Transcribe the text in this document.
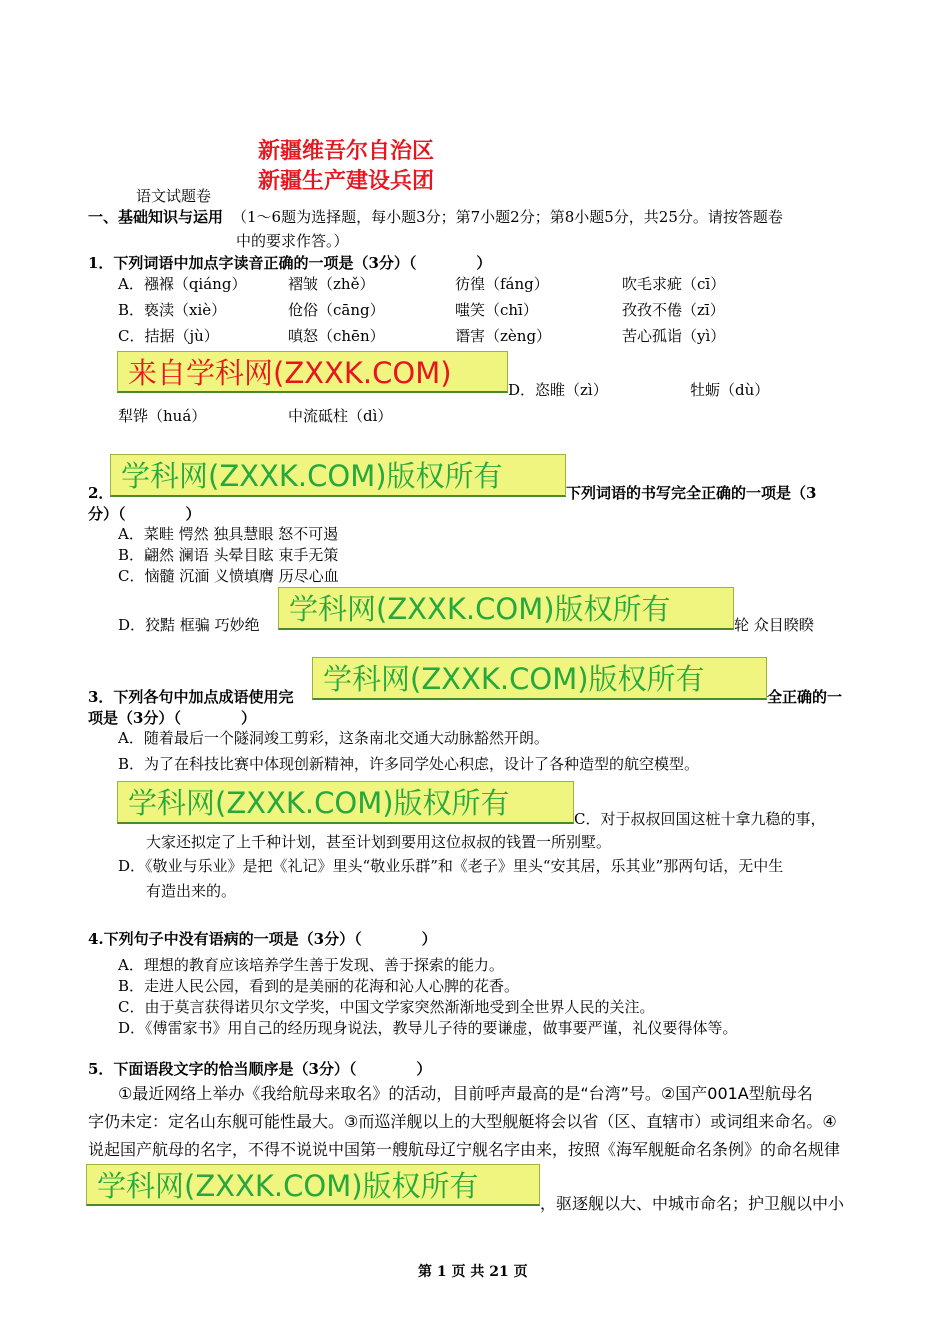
新疆维吾尔自治区
新疆生产建设兵团
语文试题卷
一、基础知识与运用 （1～6题为选择题，每小题3分；第7小题2分；第8小题5分，共25分。请按答题卷
中的要求作答。）
1．下列词语中加点字读音正确的一项是（3分）（　　　　）
A．襁褓（qiáng）	褶皱（zhě）	彷徨（fáng）	吹毛求疵（cī）
B．亵渎（xiè）	伧俗（cāng）	嗤笑（chī）	孜孜不倦（zī）
C．拮据（jù）	嗔怒（chēn）	谮害（zèng）	苦心孤诣（yì）
来自学科网(ZXXK.COM)	D．恣睢（zì）	牡蛎（dù）
犁铧（huá）	中流砥柱（dì）
学科网(ZXXK.COM)版权所有
2．	下列词语的书写完全正确的一项是（3
分）（　　　　）
A．菜畦 愕然 独具慧眼 怒不可遏
B．翩然 澜语 头晕目眩 束手无策
C．恼髓 沉湎 义愤填膺 历尽心血
D．狡黠 框骗 巧妙绝	学科网(ZXXK.COM)版权所有	轮 众目睽睽
3．下列各句中加点成语使用完
学科网(ZXXK.COM)版权所有
全正确的一
项是（3分）（　　　　）
A．随着最后一个隧洞竣工剪彩，这条南北交通大动脉豁然开朗。
B．为了在科技比赛中体现创新精神，许多同学处心积虑，设计了各种造型的航空模型。
学科网(ZXXK.COM)版权所有	C．对于叔叔回国这桩十拿九稳的事，
大家还拟定了上千种计划，甚至计划到要用这位叔叔的钱置一所别墅。
D．《敬业与乐业》是把《礼记》里头“敬业乐群”和《老子》里头“安其居，乐其业”那两句话，无中生
有造出来的。
4.下列句子中没有语病的一项是（3分）（　　　　）
A．理想的教育应该培养学生善于发现、善于探索的能力。
B．走进人民公园，看到的是美丽的花海和沁人心脾的花香。
C．由于莫言获得诺贝尔文学奖，中国文学家突然渐渐地受到全世界人民的关注。
D．《傅雷家书》用自己的经历现身说法，教导儿子待的要谦虚，做事要严谨，礼仪要得体等。
5．下面语段文字的恰当顺序是（3分）（　　　　）
①最近网络上举办《我给航母来取名》的活动，目前呼声最高的是“台湾”号。②国产001A型航母名
字仍未定：定名山东舰可能性最大。③而巡洋舰以上的大型舰艇将会以省（区、直辖市）或词组来命名。④
说起国产航母的名字，不得不说说中国第一艘航母辽宁舰名字由来，按照《海军舰艇命名条例》的命名规律
学科网(ZXXK.COM)版权所有
，驱逐舰以大、中城市命名；护卫舰以中小
第 1 页 共 21 页
